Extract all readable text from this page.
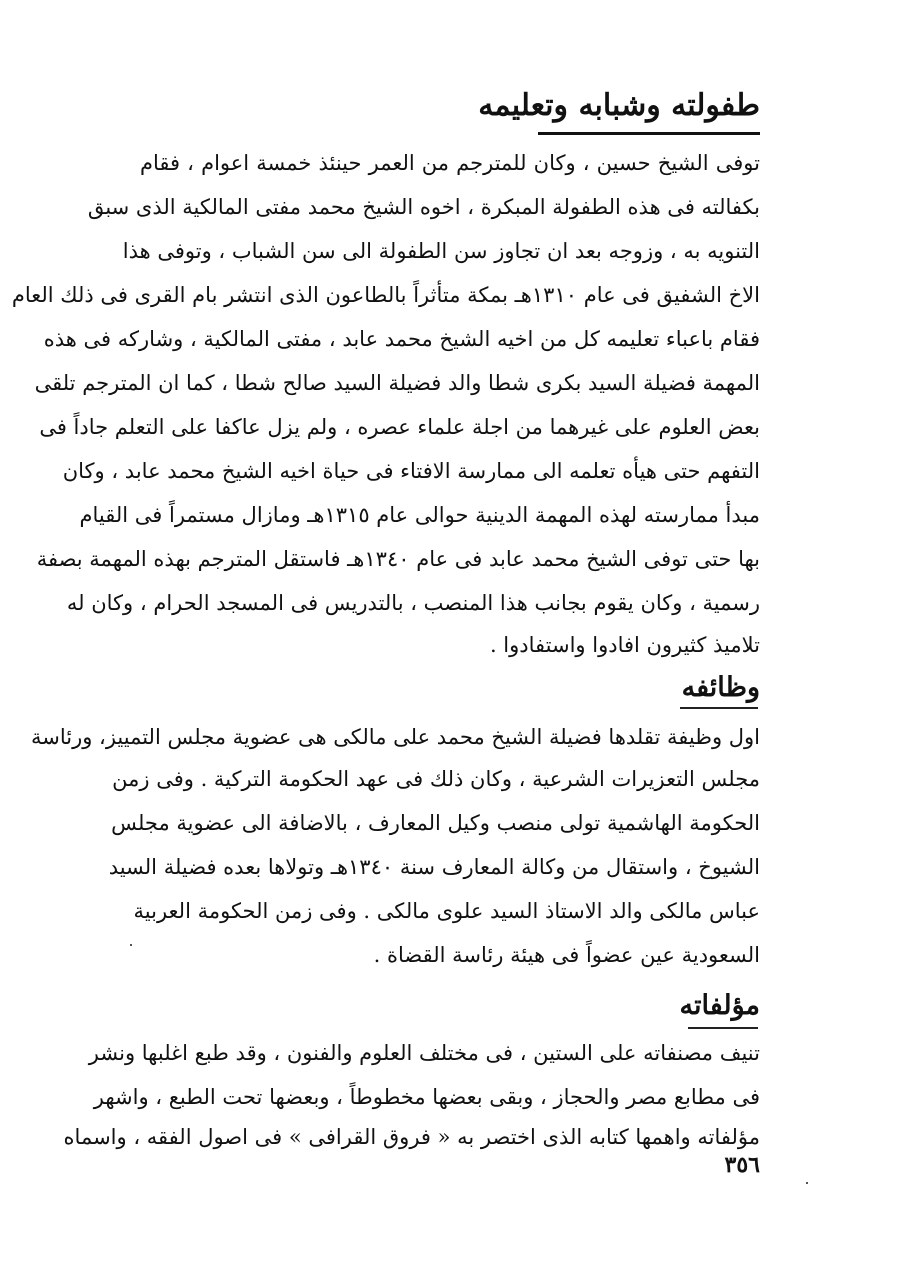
طفولته وشبابه وتعليمه
توفى الشيخ حسين ، وكان للمترجم من العمر حينئذ خمسة اعوام ، فقام
بكفالته فى هذه الطفولة المبكرة ، اخوه الشيخ محمد مفتى المالكية الذى سبق
التنويه به ، وزوجه بعد ان تجاوز سن الطفولة الى سن الشباب ، وتوفى هذا
الاخ الشفيق فى عام ١٣١٠هـ بمكة متأثراً بالطاعون الذى انتشر بام القرى فى ذلك العام
فقام باعباء تعليمه كل من اخيه الشيخ محمد عابد ، مفتى المالكية ، وشاركه فى هذه
المهمة فضيلة السيد بكرى شطا والد فضيلة السيد صالح شطا ، كما ان المترجم تلقى
بعض العلوم على غيرهما من اجلة علماء عصره ، ولم يزل عاكفا على التعلم جاداً فى
التفهم حتى هيأه تعلمه الى ممارسة الافتاء فى حياة اخيه الشيخ محمد عابد ، وكان
مبدأ ممارسته لهذه المهمة الدينية حوالى عام ١٣١٥هـ ومازال مستمراً فى القيام
بها حتى توفى الشيخ محمد عابد فى عام ١٣٤٠هـ فاستقل المترجم بهذه المهمة بصفة
رسمية ، وكان يقوم بجانب هذا المنصب ، بالتدريس فى المسجد الحرام ، وكان له
تلاميذ كثيرون افادوا واستفادوا .
وظائفه
اول وظيفة تقلدها فضيلة الشيخ محمد على مالكى هى عضوية مجلس التمييز، ورئاسة
مجلس التعزيرات الشرعية ، وكان ذلك فى عهد الحكومة التركية . وفى زمن
الحكومة الهاشمية تولى منصب وكيل المعارف ، بالاضافة الى عضوية مجلس
الشيوخ ، واستقال من وكالة المعارف سنة ١٣٤٠هـ وتولاها بعده فضيلة السيد
عباس مالكى والد الاستاذ السيد علوى مالكى . وفى زمن الحكومة العربية
السعودية عين عضواً فى هيئة رئاسة القضاة .
مؤلفاته
تنيف مصنفاته على الستين ، فى مختلف العلوم والفنون ، وقد طبع اغلبها ونشر
فى مطابع مصر والحجاز ، وبقى بعضها مخطوطاً ، وبعضها تحت الطبع ، واشهر
مؤلفاته واهمها كتابه الذى اختصر به « فروق القرافى » فى اصول الفقه ، واسماه
٣٥٦
